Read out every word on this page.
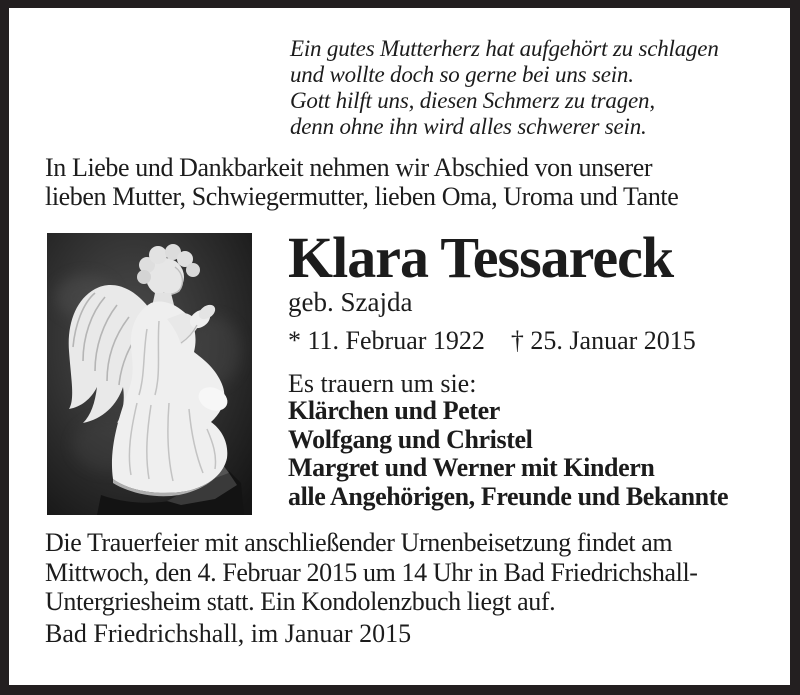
Ein gutes Mutterherz hat aufgehört zu schlagen
und wollte doch so gerne bei uns sein.
Gott hilft uns, diesen Schmerz zu tragen,
denn ohne ihn wird alles schwerer sein.
In Liebe und Dankbarkeit nehmen wir Abschied von unserer
lieben Mutter, Schwiegermutter, lieben Oma, Uroma und Tante
Klara Tessareck
geb. Szajda
* 11. Februar 1922 † 25. Januar 2015
Es trauern um sie:
Klärchen und Peter
Wolfgang und Christel
Margret und Werner mit Kindern
alle Angehörigen, Freunde und Bekannte
Die Trauerfeier mit anschließender Urnenbeisetzung findet am
Mittwoch, den 4. Februar 2015 um 14 Uhr in Bad Friedrichshall-
Untergriesheim statt. Ein Kondolenzbuch liegt auf.
Bad Friedrichshall, im Januar 2015
